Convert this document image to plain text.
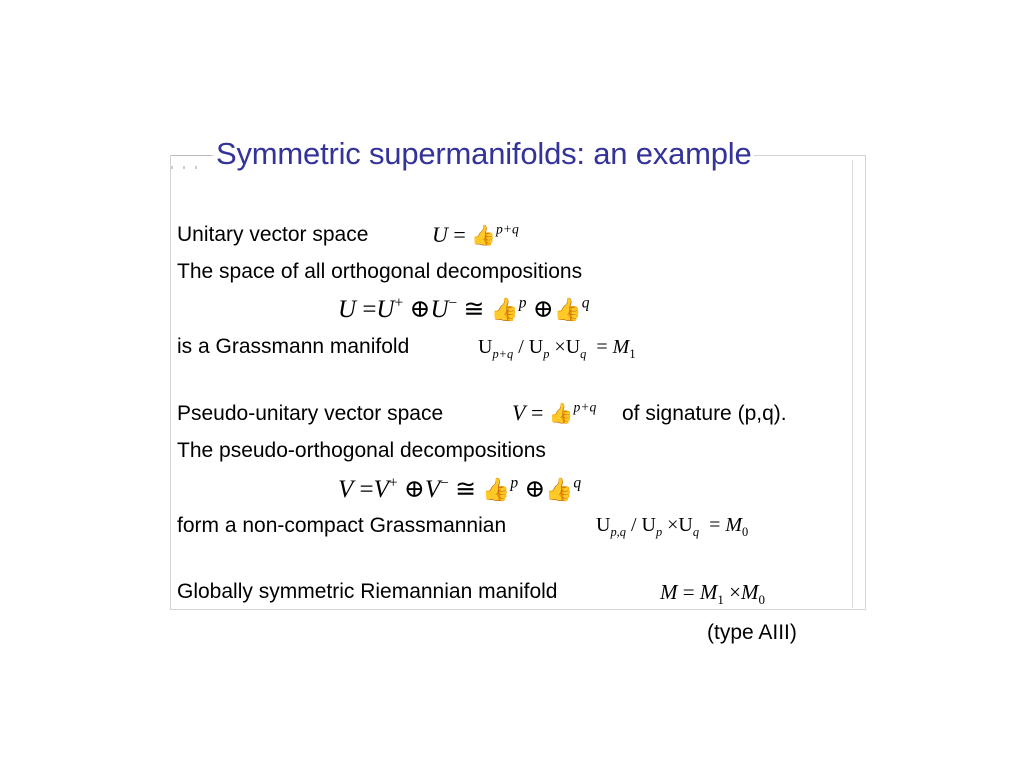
Symmetric supermanifolds: an example
Unitary vector space	U = 👍$^{p+q}$
The space of all orthogonal decompositions
U =U+ ⊕U− ≅ 👍$^p$ ⊕👍$^q$
is a Grassmann manifold	$U_{p+q} / U_p \times U_q = M_1$
Pseudo-unitary vector space	V = 👍$^{p+q}$ of signature (p,q).
The pseudo-orthogonal decompositions
V =V+ ⊕V− ≅ 👍$^p$ ⊕👍$^q$
form a non-compact Grassmannian	$U_{p,q} / U_p \times U_q = M_0$
Globally symmetric Riemannian manifold	$M = M_1 \times M_0$
(type AIII)
